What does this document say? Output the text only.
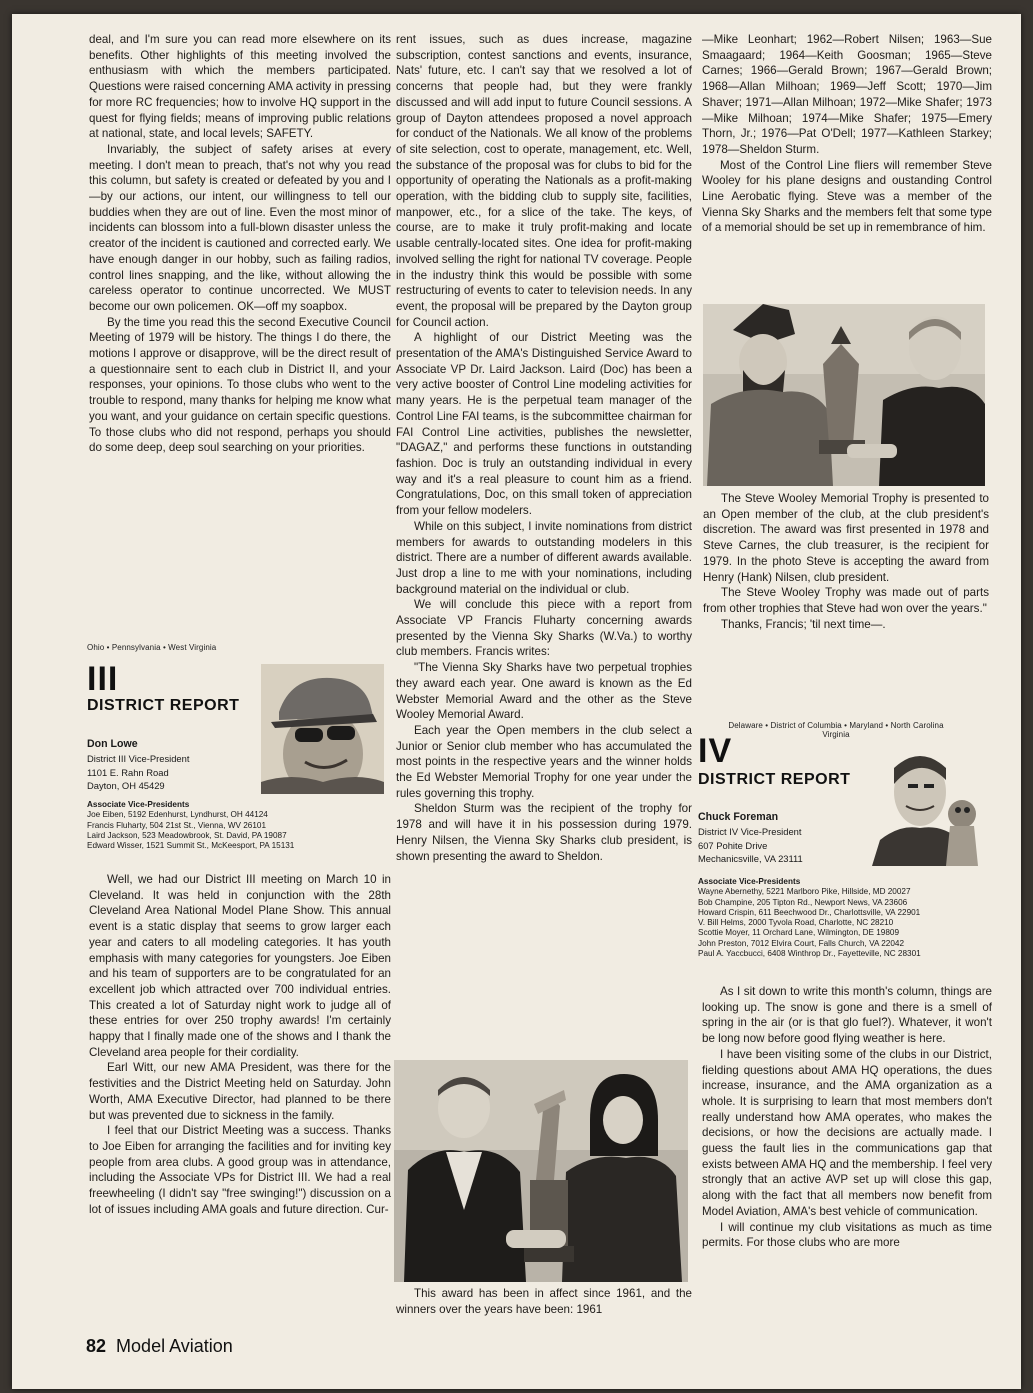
deal, and I'm sure you can read more elsewhere on its benefits. Other highlights of this meeting involved the enthusiasm with which the members participated. Questions were raised concerning AMA activity in pressing for more RC frequencies; how to involve HQ support in the quest for flying fields; means of improving public relations at national, state, and local levels; SAFETY.

Invariably, the subject of safety arises at every meeting. I don't mean to preach, that's not why you read this column, but safety is created or defeated by you and I—by our actions, our intent, our willingness to tell our buddies when they are out of line. Even the most minor of incidents can blossom into a full-blown disaster unless the creator of the incident is cautioned and corrected early. We have enough danger in our hobby, such as failing radios, control lines snapping, and the like, without allowing the careless operator to continue uncorrected. We MUST become our own policemen. OK—off my soapbox.

By the time you read this the second Executive Council Meeting of 1979 will be history. The things I do there, the motions I approve or disapprove, will be the direct result of a questionnaire sent to each club in District II, and your responses, your opinions. To those clubs who went to the trouble to respond, many thanks for helping me know what you want, and your guidance on certain specific questions. To those clubs who did not respond, perhaps you should do some deep, deep soul searching on your priorities.

Ohio • Pennsylvania • West Virginia
III
DISTRICT REPORT
Don Lowe
District III Vice-President
1101 E. Rahn Road
Dayton, OH 45429
Associate Vice-Presidents
Joe Eiben, 5192 Edenhurst, Lyndhurst, OH 44124
Francis Fluharty, 504 21st St., Vienna, WV 26101
Laird Jackson, 523 Meadowbrook, St. David, PA 19087
Edward Wisser, 1521 Summit St., McKeesport, PA 15131

Well, we had our District III meeting on March 10 in Cleveland. It was held in conjunction with the 28th Cleveland Area National Model Plane Show. This annual event is a static display that seems to grow larger each year and caters to all modeling categories. It has youth emphasis with many categories for youngsters. Joe Eiben and his team of supporters are to be congratulated for an excellent job which attracted over 700 individual entries. This created a lot of Saturday night work to judge all of these entries for over 250 trophy awards! I'm certainly happy that I finally made one of the shows and I thank the Cleveland area people for their cordiality.

Earl Witt, our new AMA President, was there for the festivities and the District Meeting held on Saturday. John Worth, AMA Executive Director, had planned to be there but was prevented due to sickness in the family.

I feel that our District Meeting was a success. Thanks to Joe Eiben for arranging the facilities and for inviting key people from area clubs. A good group was in attendance, including the Associate VPs for District III. We had a real freewheeling (I didn't say "free swinging!") discussion on a lot of issues including AMA goals and future direction. Cur-

rent issues, such as dues increase, magazine subscription, contest sanctions and events, insurance, Nats' future, etc. I can't say that we resolved a lot of concerns that people had, but they were frankly discussed and will add input to future Council sessions. A group of Dayton attendees proposed a novel approach for conduct of the Nationals. We all know of the problems of site selection, cost to operate, management, etc. Well, the substance of the proposal was for clubs to bid for the opportunity of operating the Nationals as a profit-making operation, with the bidding club to supply site, facilities, manpower, etc., for a slice of the take. The keys, of course, are to make it truly profit-making and locate usable centrally-located sites. One idea for profit-making involved selling the right for national TV coverage. People in the industry think this would be possible with some restructuring of events to cater to television needs. In any event, the proposal will be prepared by the Dayton group for Council action.

A highlight of our District Meeting was the presentation of the AMA's Distinguished Service Award to Associate VP Dr. Laird Jackson. Laird (Doc) has been a very active booster of Control Line modeling activities for many years. He is the perpetual team manager of the Control Line FAI teams, is the subcommittee chairman for FAI Control Line activities, publishes the newsletter, "DAGAZ," and performs these functions in outstanding fashion. Doc is truly an outstanding individual in every way and it's a real pleasure to count him as a friend. Congratulations, Doc, on this small token of appreciation from your fellow modelers.

While on this subject, I invite nominations from district members for awards to outstanding modelers in this district. There are a number of different awards available. Just drop a line to me with your nominations, including background material on the individual or club.

We will conclude this piece with a report from Associate VP Francis Fluharty concerning awards presented by the Vienna Sky Sharks (W.Va.) to worthy club members. Francis writes:

"The Vienna Sky Sharks have two perpetual trophies they award each year. One award is known as the Ed Webster Memorial Award and the other as the Steve Wooley Memorial Award.

Each year the Open members in the club select a Junior or Senior club member who has accumulated the most points in the respective years and the winner holds the Ed Webster Memorial Trophy for one year under the rules governing this trophy.

Sheldon Sturm was the recipient of the trophy for 1978 and will have it in his possession during 1979. Henry Nilsen, the Vienna Sky Sharks club president, is shown presenting the award to Sheldon.

This award has been in affect since 1961, and the winners over the years have been: 1961

—Mike Leonhart; 1962—Robert Nilsen; 1963—Sue Smaagaard; 1964—Keith Goosman; 1965—Steve Carnes; 1966—Gerald Brown; 1967—Gerald Brown; 1968—Allan Milhoan; 1969—Jeff Scott; 1970—Jim Shaver; 1971—Allan Milhoan; 1972—Mike Shafer; 1973—Mike Milhoan; 1974—Mike Shafer; 1975—Emery Thorn, Jr.; 1976—Pat O'Dell; 1977—Kathleen Starkey; 1978—Sheldon Sturm.

Most of the Control Line fliers will remember Steve Wooley for his plane designs and oustanding Control Line Aerobatic flying. Steve was a member of the Vienna Sky Sharks and the members felt that some type of a memorial should be set up in remembrance of him.

The Steve Wooley Memorial Trophy is presented to an Open member of the club, at the club president's discretion. The award was first presented in 1978 and Steve Carnes, the club treasurer, is the recipient for 1979. In the photo Steve is accepting the award from Henry (Hank) Nilsen, club president.

The Steve Wooley Trophy was made out of parts from other trophies that Steve had won over the years."

Thanks, Francis; 'til next time—.

Delaware • District of Columbia • Maryland • North Carolina
Virginia
IV
DISTRICT REPORT
Chuck Foreman
District IV Vice-President
607 Pohite Drive
Mechanicsville, VA 23111
Associate Vice-Presidents
Wayne Abernethy, 5221 Marlboro Pike, Hillside, MD 20027
Bob Champine, 205 Tipton Rd., Newport News, VA 23606
Howard Crispin, 611 Beechwood Dr., Charlottsville, VA 22901
V. Bill Helms, 2000 Tyvola Road, Charlotte, NC 28210
Scottie Moyer, 11 Orchard Lane, Wilmington, DE 19809
John Preston, 7012 Elvira Court, Falls Church, VA 22042
Paul A. Yaccbucci, 6408 Winthrop Dr., Fayetteville, NC 28301

As I sit down to write this month's column, things are looking up. The snow is gone and there is a smell of spring in the air (or is that glo fuel?). Whatever, it won't be long now before good flying weather is here.

I have been visiting some of the clubs in our District, fielding questions about AMA HQ operations, the dues increase, insurance, and the AMA organization as a whole. It is surprising to learn that most members don't really understand how AMA operates, who makes the decisions, or how the decisions are actually made. I guess the fault lies in the communications gap that exists between AMA HQ and the membership. I feel very strongly that an active AVP set up will close this gap, along with the fact that all members now benefit from Model Aviation, AMA's best vehicle of communication.

I will continue my club visitations as much as time permits. For those clubs who are more

82 Model Aviation
